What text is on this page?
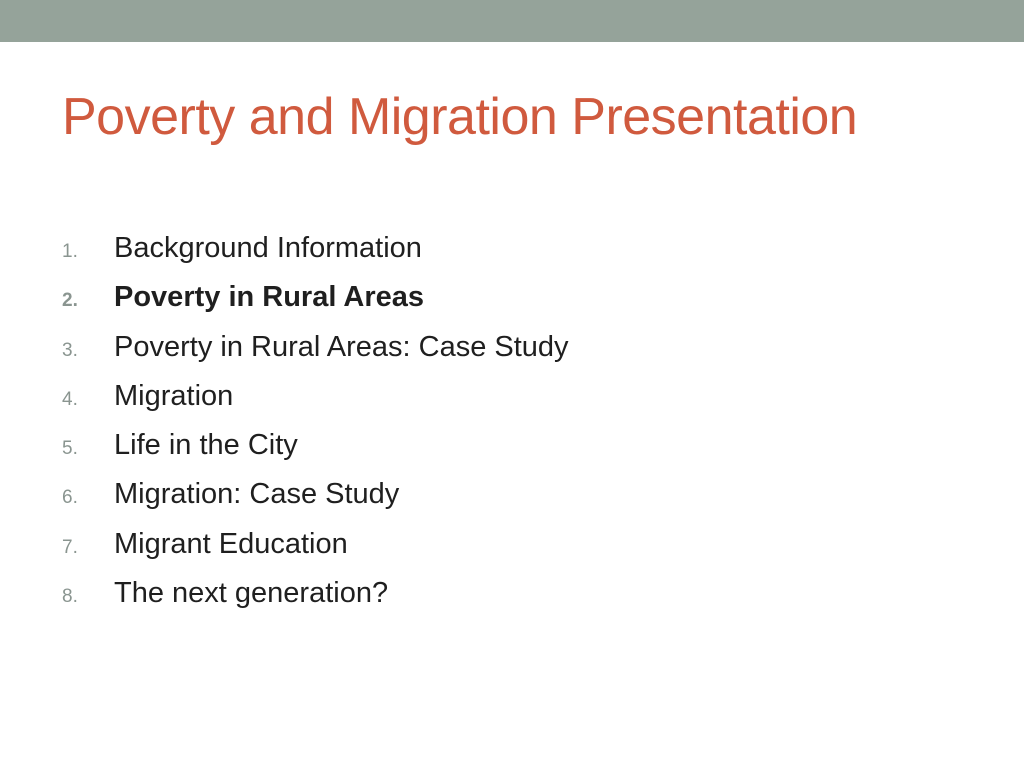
Poverty and Migration Presentation
1.	Background Information
2.	Poverty in Rural Areas
3.	Poverty in Rural Areas: Case Study
4.	Migration
5.	Life in the City
6.	Migration: Case Study
7.	Migrant Education
8.	The next generation?
